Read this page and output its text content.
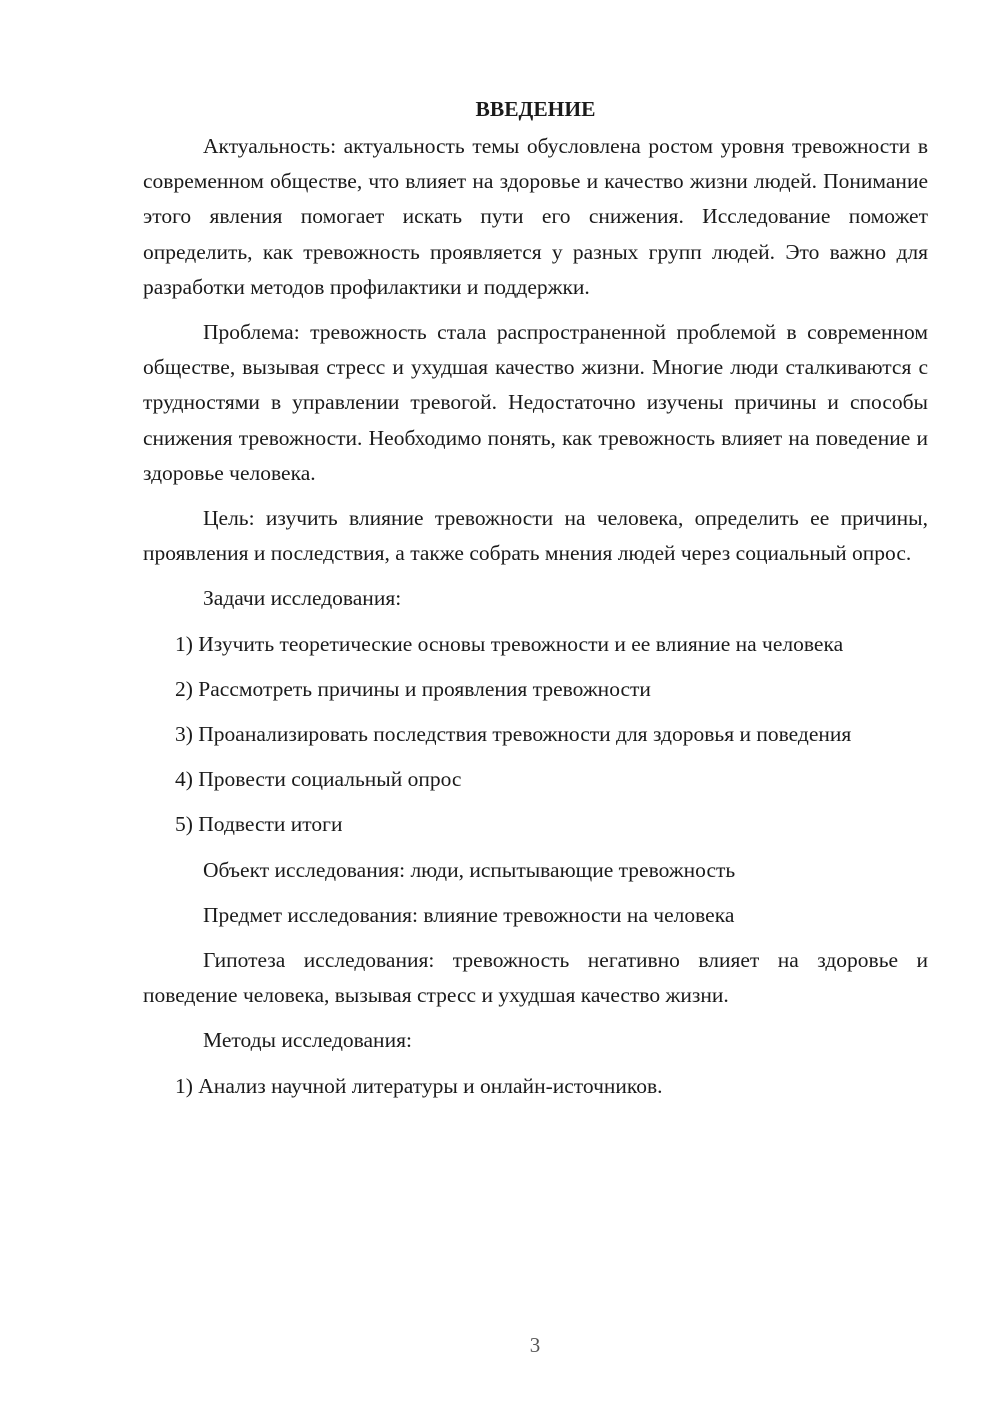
ВВЕДЕНИЕ

Актуальность: актуальность темы обусловлена ростом уровня тревожности в современном обществе, что влияет на здоровье и качество жизни людей. Понимание этого явления помогает искать пути его снижения. Исследование поможет определить, как тревожность проявляется у разных групп людей. Это важно для разработки методов профилактики и поддержки.

Проблема: тревожность стала распространенной проблемой в современном обществе, вызывая стресс и ухудшая качество жизни. Многие люди сталкиваются с трудностями в управлении тревогой. Недостаточно изучены причины и способы снижения тревожности. Необходимо понять, как тревожность влияет на поведение и здоровье человека.

Цель: изучить влияние тревожности на человека, определить ее причины, проявления и последствия, а также собрать мнения людей через социальный опрос.

Задачи исследования:

1) Изучить теоретические основы тревожности и ее влияние на человека

2) Рассмотреть причины и проявления тревожности

3) Проанализировать последствия тревожности для здоровья и поведения

4) Провести социальный опрос

5) Подвести итоги

Объект исследования: люди, испытывающие тревожность

Предмет исследования: влияние тревожности на человека

Гипотеза исследования: тревожность негативно влияет на здоровье и поведение человека, вызывая стресс и ухудшая качество жизни.

Методы исследования:

1) Анализ научной литературы и онлайн-источников.

3
